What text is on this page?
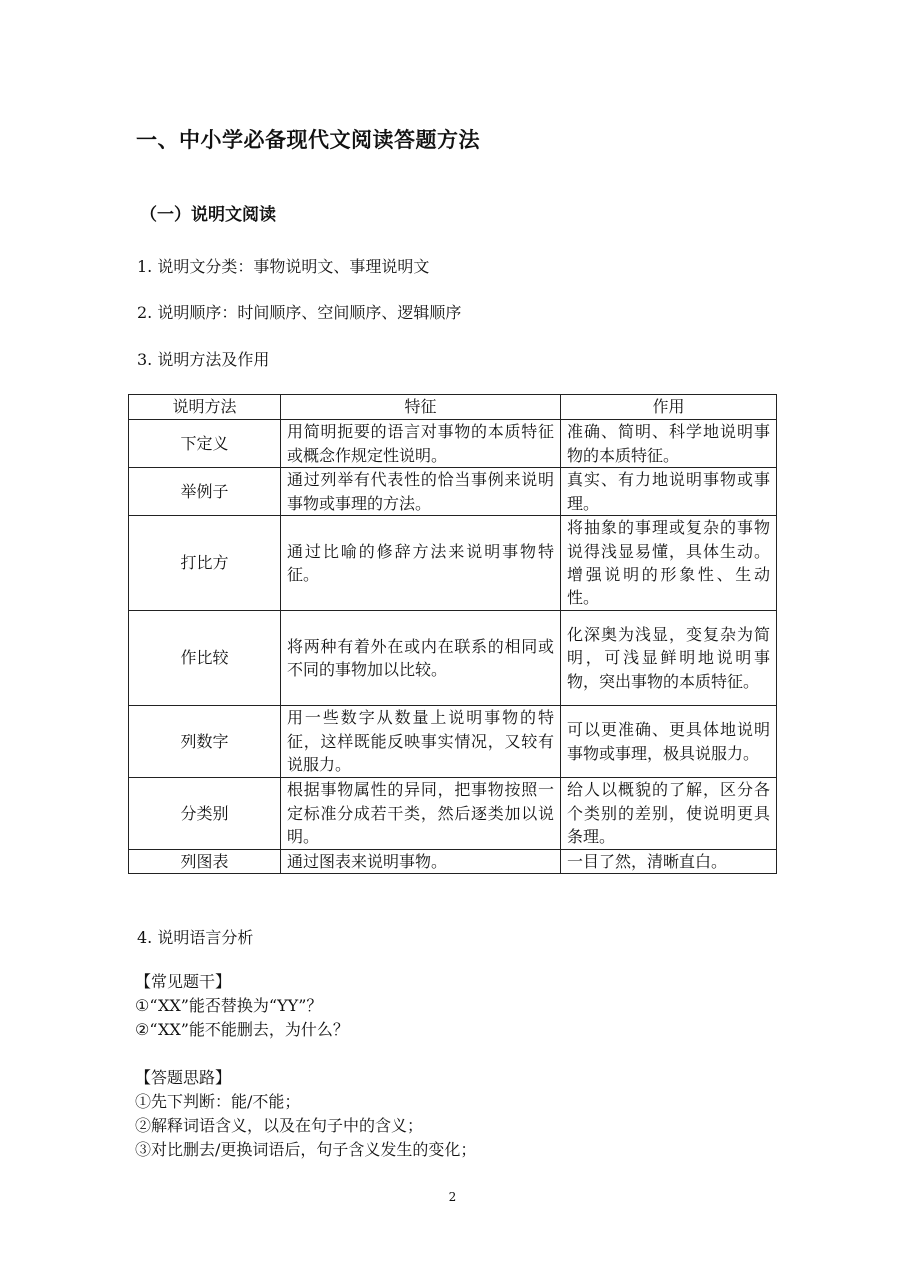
一、中小学必备现代文阅读答题方法
（一）说明文阅读
1. 说明文分类：事物说明文、事理说明文
2. 说明顺序：时间顺序、空间顺序、逻辑顺序
3. 说明方法及作用
说明方法	特征	作用
下定义	用简明扼要的语言对事物的本质特征或概念作规定性说明。	准确、简明、科学地说明事物的本质特征。
举例子	通过列举有代表性的恰当事例来说明事物或事理的方法。	真实、有力地说明事物或事理。
打比方	通过比喻的修辞方法来说明事物特征。	将抽象的事理或复杂的事物说得浅显易懂，具体生动。增强说明的形象性、生动性。
作比较	将两种有着外在或内在联系的相同或不同的事物加以比较。	化深奥为浅显，变复杂为简明，可浅显鲜明地说明事物，突出事物的本质特征。
列数字	用一些数字从数量上说明事物的特征，这样既能反映事实情况，又较有说服力。	可以更准确、更具体地说明事物或事理，极具说服力。
分类别	根据事物属性的异同，把事物按照一定标准分成若干类，然后逐类加以说明。	给人以概貌的了解，区分各个类别的差别，使说明更具条理。
列图表	通过图表来说明事物。	一目了然，清晰直白。
4. 说明语言分析
【常见题干】
①“XX”能否替换为“YY”？
②“XX”能不能删去，为什么？
【答题思路】
①先下判断：能/不能；
②解释词语含义，以及在句子中的含义；
③对比删去/更换词语后，句子含义发生的变化；
2
